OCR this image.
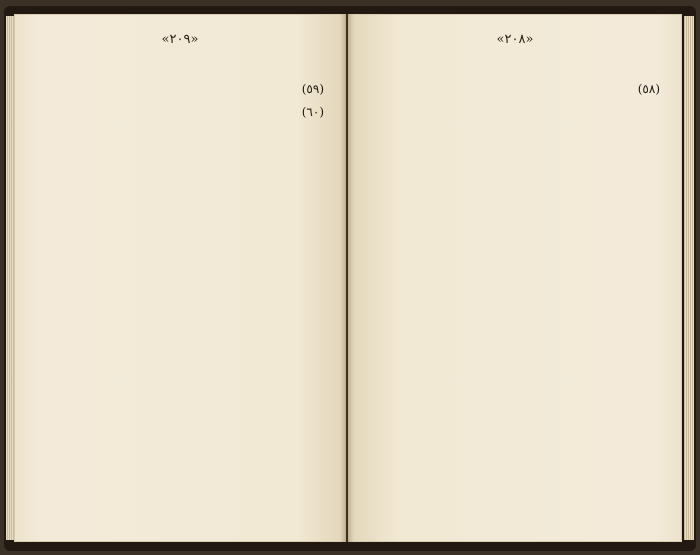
«٢٠٩»

(٥٩)

(٦٠)

«٢٠٨»

(٥٨)
